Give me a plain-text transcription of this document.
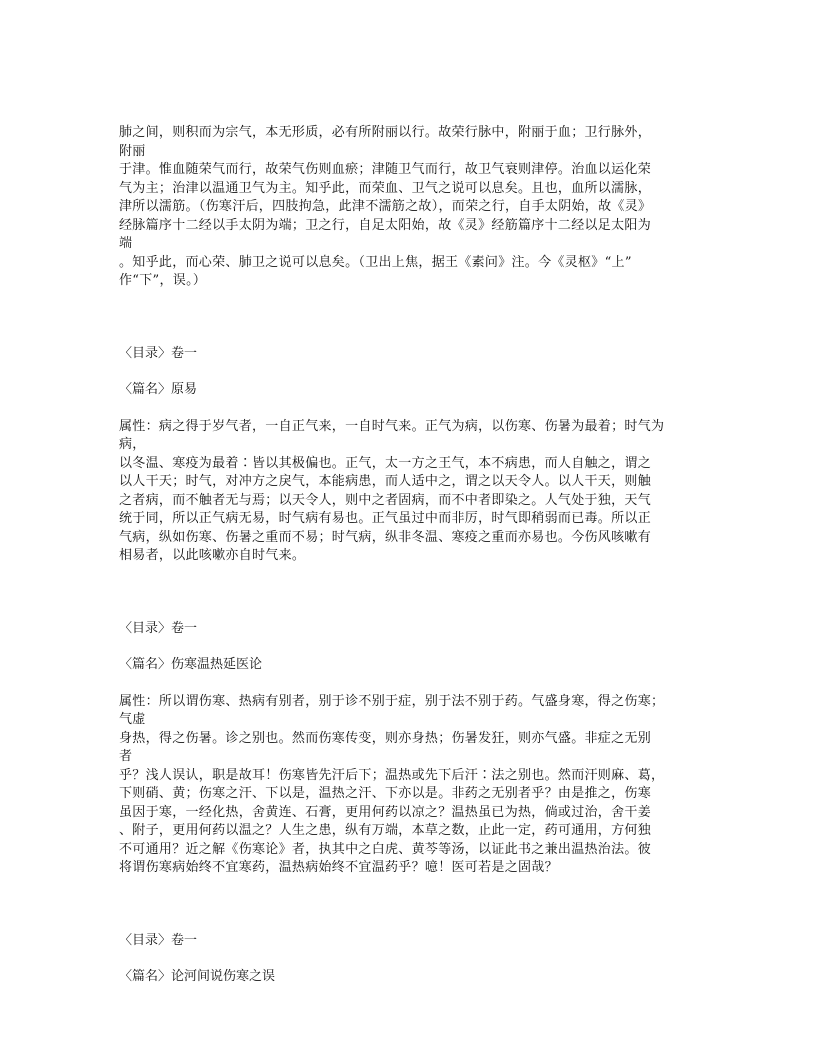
肺之间，则积而为宗气，本无形质，必有所附丽以行。故荣行脉中，附丽于血；卫行脉外，
附丽
于津。惟血随荣气而行，故荣气伤则血瘀；津随卫气而行，故卫气衰则津停。治血以运化荣
气为主；治津以温通卫气为主。知乎此，而荣血、卫气之说可以息矣。且也，血所以濡脉，
津所以濡筋。（伤寒汗后，四肢拘急，此津不濡筋之故），而荣之行，自手太阴始，故《灵》
经脉篇序十二经以手太阴为端；卫之行，自足太阳始，故《灵》经筋篇序十二经以足太阳为
端
。知乎此，而心荣、肺卫之说可以息矣。（卫出上焦，据王《素问》注。今《灵枢》“上”
作“下”，误。）
〈目录〉卷一
〈篇名〉原易
属性：病之得于岁气者，一自正气来，一自时气来。正气为病，以伤寒、伤暑为最着；时气为
病，
以冬温、寒疫为最着∶皆以其极偏也。正气，太一方之王气，本不病患，而人自触之，谓之
以人干天；时气，对冲方之戾气，本能病患，而人适中之，谓之以天令人。以人干天，则触
之者病，而不触者无与焉；以天令人，则中之者固病，而不中者即染之。人气处于独，天气
统于同，所以正气病无易，时气病有易也。正气虽过中而非厉，时气即稍弱而已毒。所以正
气病，纵如伤寒、伤暑之重而不易；时气病，纵非冬温、寒疫之重而亦易也。今伤风咳嗽有
相易者，以此咳嗽亦自时气来。
〈目录〉卷一
〈篇名〉伤寒温热延医论
属性：所以谓伤寒、热病有别者，别于诊不别于症，别于法不别于药。气盛身寒，得之伤寒；
气虚
身热，得之伤暑。诊之别也。然而伤寒传变，则亦身热；伤暑发狂，则亦气盛。非症之无别
者
乎？浅人误认，职是故耳！伤寒皆先汗后下；温热或先下后汗∶法之别也。然而汗则麻、葛，
下则硝、黄；伤寒之汗、下以是，温热之汗、下亦以是。非药之无别者乎？由是推之，伤寒
虽因于寒，一经化热，舍黄连、石膏，更用何药以凉之？温热虽已为热，倘或过治，舍干姜
、附子，更用何药以温之？人生之患，纵有万端，本草之数，止此一定，药可通用，方何独
不可通用？近之解《伤寒论》者，执其中之白虎、黄芩等汤，以证此书之兼出温热治法。彼
将谓伤寒病始终不宜寒药，温热病始终不宜温药乎？噫！医可若是之固哉？
〈目录〉卷一
〈篇名〉论河间说伤寒之误
